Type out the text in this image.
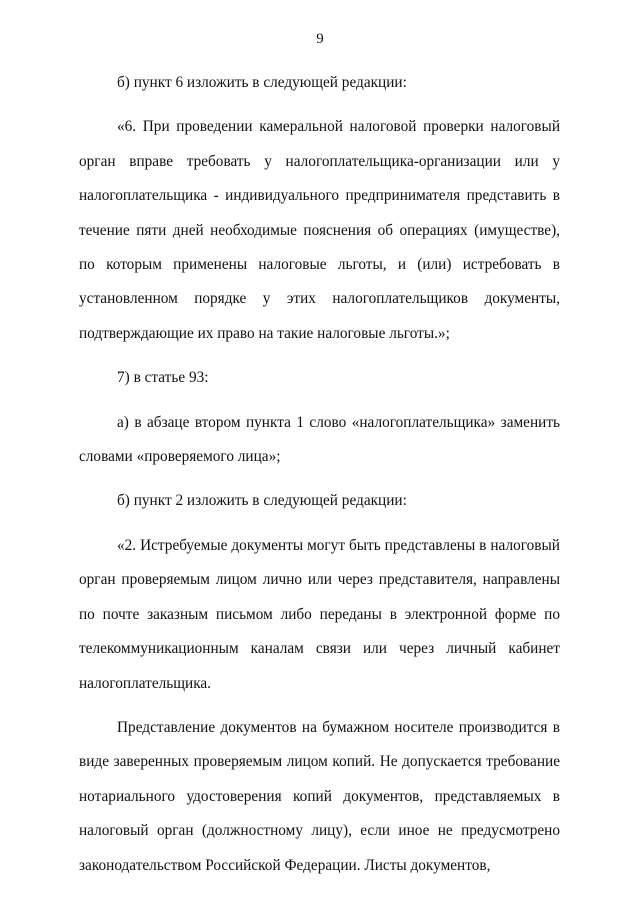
9

б) пункт 6 изложить в следующей редакции:

«6. При проведении камеральной налоговой проверки налоговый орган вправе требовать у налогоплательщика-организации или у налогоплательщика - индивидуального предпринимателя представить в течение пяти дней необходимые пояснения об операциях (имуществе), по которым применены налоговые льготы, и (или) истребовать в установленном порядке у этих налогоплательщиков документы, подтверждающие их право на такие налоговые льготы.»;

7) в статье 93:

а) в абзаце втором пункта 1 слово «налогоплательщика» заменить словами «проверяемого лица»;

б) пункт 2 изложить в следующей редакции:

«2. Истребуемые документы могут быть представлены в налоговый орган проверяемым лицом лично или через представителя, направлены по почте заказным письмом либо переданы в электронной форме по телекоммуникационным каналам связи или через личный кабинет налогоплательщика.

Представление документов на бумажном носителе производится в виде заверенных проверяемым лицом копий. Не допускается требование нотариального удостоверения копий документов, представляемых в налоговый орган (должностному лицу), если иное не предусмотрено законодательством Российской Федерации. Листы документов,
